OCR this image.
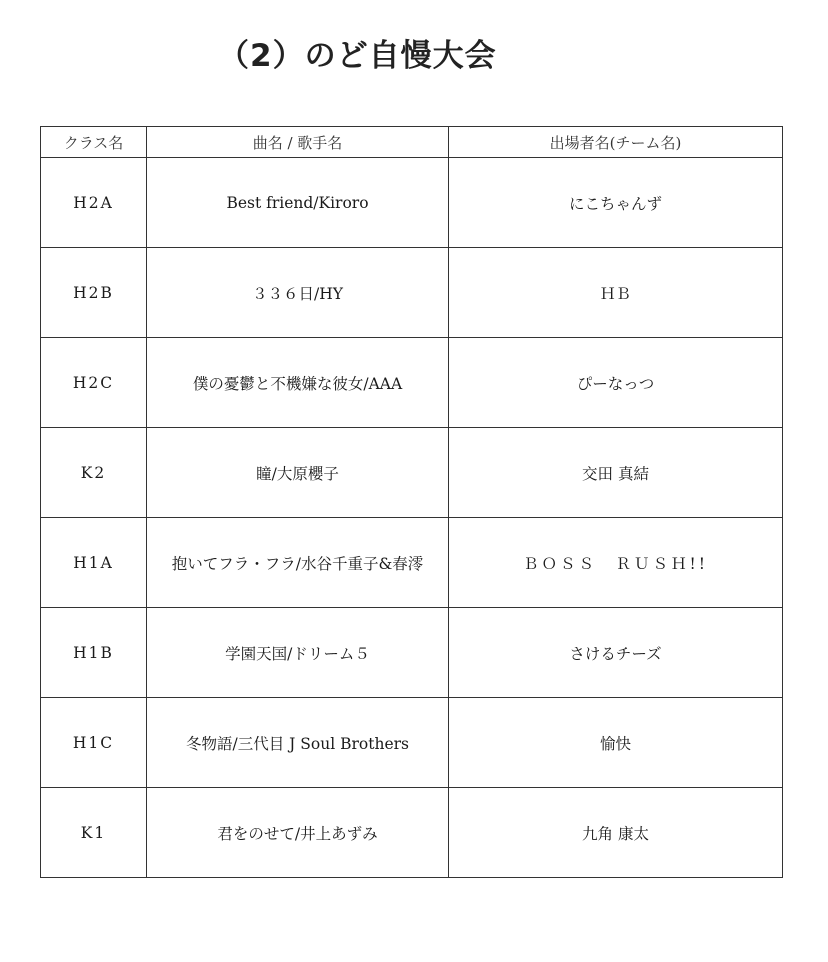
（2）のど自慢大会
クラス名	曲名 / 歌手名	出場者名(チーム名)
H2A	Best friend/Kiroro	にこちゃんず
H2B	３３６日/HY	ＨＢ
H2C	僕の憂鬱と不機嫌な彼女/AAA	ぴーなっつ
K2	瞳/大原櫻子	交田 真結
H1A	抱いてフラ・フラ/水谷千重子&春澪	ＢＯＳＳ　ＲＵＳＨ!!
H1B	学園天国/ドリーム５	さけるチーズ
H1C	冬物語/三代目 J Soul Brothers	愉快
K1	君をのせて/井上あずみ	九角 康太
